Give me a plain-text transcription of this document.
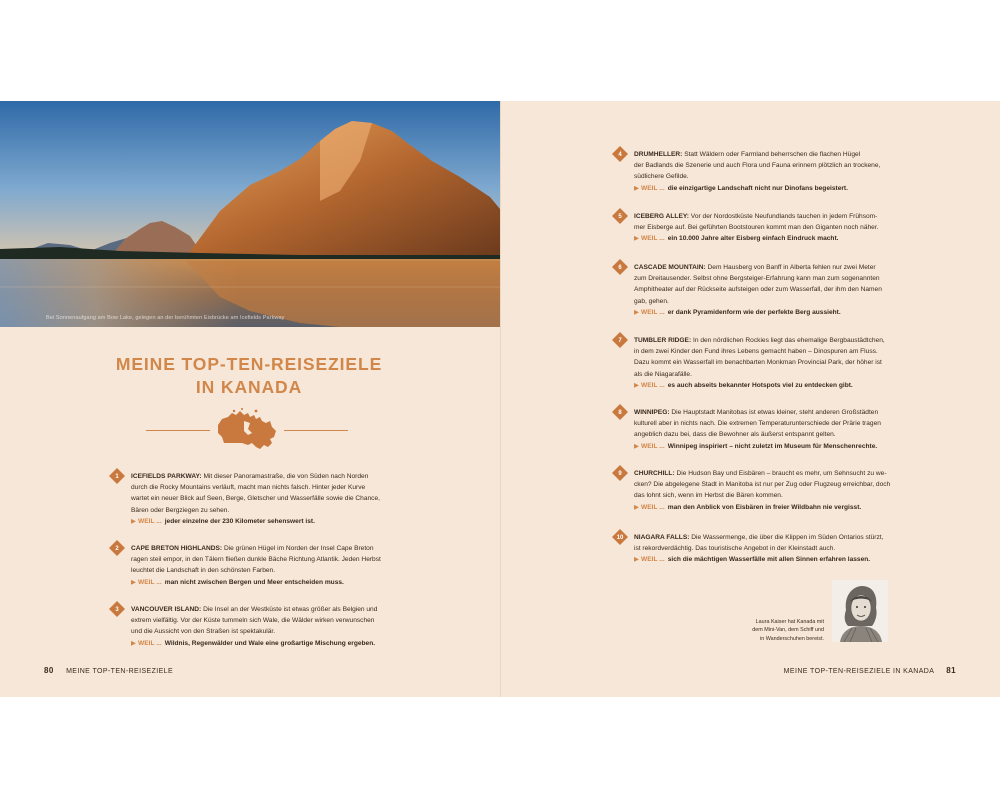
Bei Sonnenaufgang am Bow Lake, gelegen an der berühmten Eisbrücke am Icefields Parkway
MEINE TOP-TEN-REISEZIELE
IN KANADA
1	ICEFIELDS PARKWAY: Mit dieser Panoramastraße, die von Süden nach Norden

durch die Rocky Mountains verläuft, macht man nichts falsch. Hinter jeder Kurve

wartet ein neuer Blick auf Seen, Berge, Gletscher und Wasserfälle sowie die Chance,

Bären oder Bergziegen zu sehen.

▶ WEIL ... jeder einzelne der 230 Kilometer sehenswert ist.
2	CAPE BRETON HIGHLANDS: Die grünen Hügel im Norden der Insel Cape Breton

ragen steil empor, in den Tälern fließen dunkle Bäche Richtung Atlantik. Jeden Herbst

leuchtet die Landschaft in den schönsten Farben.

▶ WEIL ... man nicht zwischen Bergen und Meer entscheiden muss.
3	VANCOUVER ISLAND: Die Insel an der Westküste ist etwas größer als Belgien und

extrem vielfältig. Vor der Küste tummeln sich Wale, die Wälder wirken verwunschen

und die Aussicht von den Straßen ist spektakulär.

▶ WEIL ... Wildnis, Regenwälder und Wale eine großartige Mischung ergeben.
4	DRUMHELLER: Statt Wäldern oder Farmland beherrschen die flachen Hügel

der Badlands die Szenerie und auch Flora und Fauna erinnern plötzlich an trockene,

südlichere Gefilde.

▶ WEIL ... die einzigartige Landschaft nicht nur Dinofans begeistert.
5	ICEBERG ALLEY: Vor der Nordostküste Neufundlands tauchen in jedem Frühsom-

mer Eisberge auf. Bei geführten Bootstouren kommt man den Giganten noch näher.

▶ WEIL ... ein 10.000 Jahre alter Eisberg einfach Eindruck macht.
6	CASCADE MOUNTAIN: Dem Hausberg von Banff in Alberta fehlen nur zwei Meter

zum Dreitausender. Selbst ohne Bergsteiger-Erfahrung kann man zum sogenannten

Amphitheater auf der Rückseite aufsteigen oder zum Wasserfall, der ihm den Namen

gab, gehen.

▶ WEIL ... er dank Pyramidenform wie der perfekte Berg aussieht.
7	TUMBLER RIDGE: In den nördlichen Rockies liegt das ehemalige Bergbaustädtchen,

in dem zwei Kinder den Fund ihres Lebens gemacht haben – Dinospuren am Fluss.

Dazu kommt ein Wasserfall im benachbarten Monkman Provincial Park, der höher ist

als die Niagarafälle.

▶ WEIL ... es auch abseits bekannter Hotspots viel zu entdecken gibt.
8	WINNIPEG: Die Hauptstadt Manitobas ist etwas kleiner, steht anderen Großstädten

kulturell aber in nichts nach. Die extremen Temperaturunterschiede der Prärie tragen

angeblich dazu bei, dass die Bewohner als äußerst entspannt gelten.

▶ WEIL ... Winnipeg inspiriert – nicht zuletzt im Museum für Menschenrechte.
9	CHURCHILL: Die Hudson Bay und Eisbären – braucht es mehr, um Sehnsucht zu we-

cken? Die abgelegene Stadt in Manitoba ist nur per Zug oder Flugzeug erreichbar, doch

das lohnt sich, wenn im Herbst die Bären kommen.

▶ WEIL ... man den Anblick von Eisbären in freier Wildbahn nie vergisst.
10	NIAGARA FALLS: Die Wassermenge, die über die Klippen im Süden Ontarios stürzt,

ist rekordverdächtig. Das touristische Angebot in der Kleinstadt auch.

▶ WEIL ... sich die mächtigen Wasserfälle mit allen Sinnen erfahren lassen.
Laura Kaiser hat Kanada mit
dem Mini-Van, dem Schiff und
in Wanderschuhen bereist.
80 MEINE TOP-TEN-REISEZIELE	MEINE TOP-TEN-REISEZIELE IN KANADA 81
